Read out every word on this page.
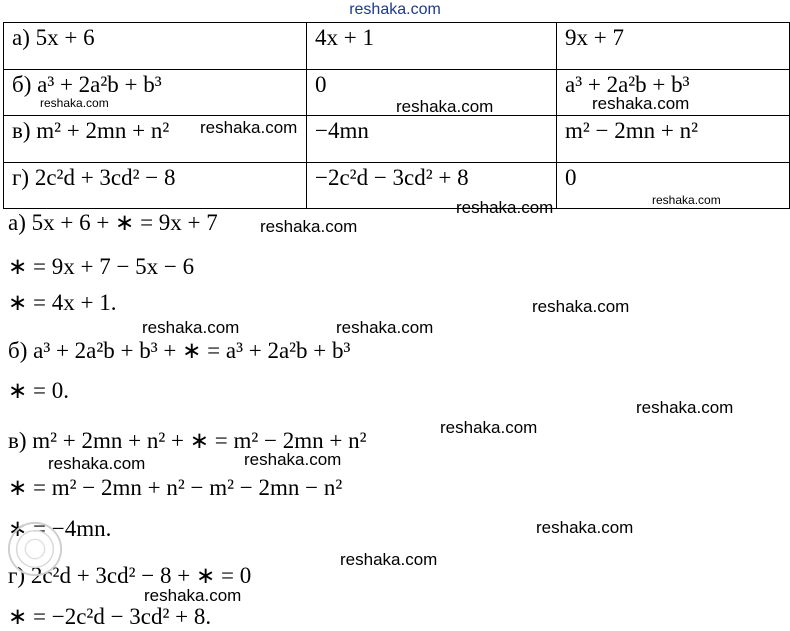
reshaka.com
а) 5x + 6	4x + 1	9x + 7
б) a³ + 2a²b + b³	0	a³ + 2a²b + b³
в) m² + 2mn + n²	−4mn	m² − 2mn + n²
г) 2c²d + 3cd² − 8	−2c²d − 3cd² + 8	0
а) 5x + 6 + ∗ = 9x + 7
∗ = 9x + 7 − 5x − 6
∗ = 4x + 1.
б) a³ + 2a²b + b³ + ∗ = a³ + 2a²b + b³
∗ = 0.
в) m² + 2mn + n² + ∗ = m² − 2mn + n²
∗ = m² − 2mn + n² − m² − 2mn − n²
∗ = −4mn.
г) 2c²d + 3cd² − 8 + ∗ = 0
∗ = −2c²d − 3cd² + 8.
reshaka.com	reshaka.com	reshaka.com
reshaka.com
reshaka.com
reshaka.com
reshaka.com
reshaka.com
reshaka.com	reshaka.com
reshaka.com
reshaka.com
reshaka.com
reshaka.com
reshaka.com
reshaka.com
reshaka.com
